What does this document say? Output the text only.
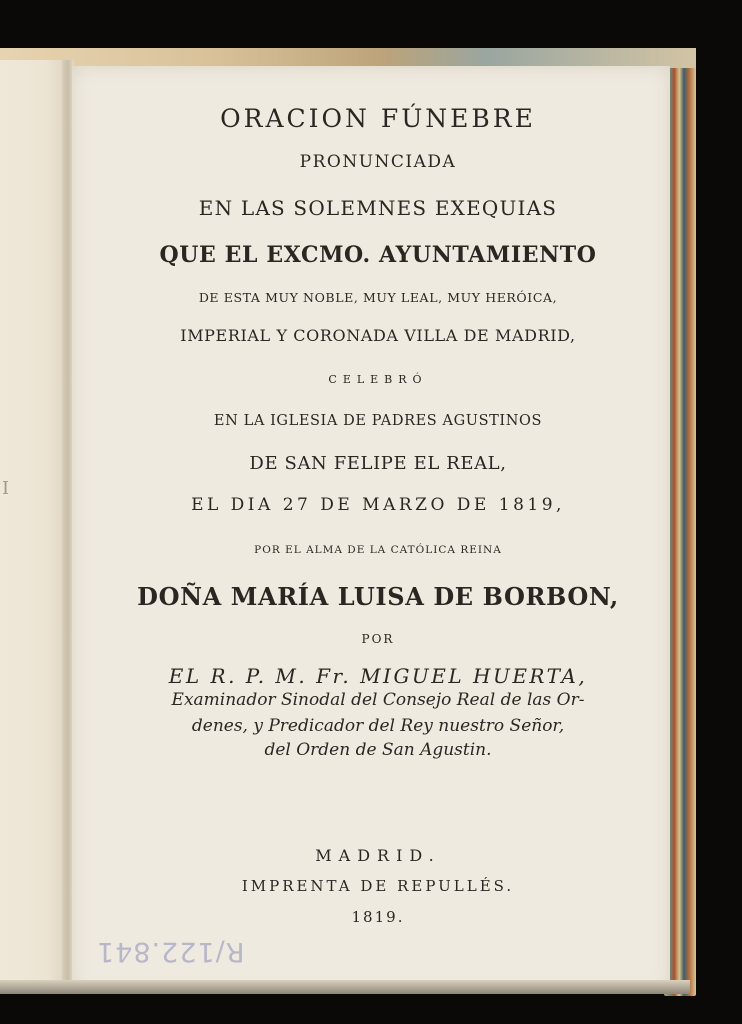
I
ORACION FÚNEBRE
PRONUNCIADA
EN LAS SOLEMNES EXEQUIAS
QUE EL EXCMO. AYUNTAMIENTO
DE ESTA MUY NOBLE, MUY LEAL, MUY HERÓICA,
IMPERIAL Y CORONADA VILLA DE MADRID,
CELEBRÓ
EN LA IGLESIA DE PADRES AGUSTINOS
DE SAN FELIPE EL REAL,
EL DIA 27 DE MARZO DE 1819,
POR EL ALMA DE LA CATÓLICA REINA
DOÑA MARÍA LUISA DE BORBON,
POR
EL R. P. M. Fr. MIGUEL HUERTA,
Examinador Sinodal del Consejo Real de las Or-
denes, y Predicador del Rey nuestro Señor,
del Orden de San Agustin.
MADRID.
IMPRENTA DE REPULLÉS.
1819.
R/122.841
